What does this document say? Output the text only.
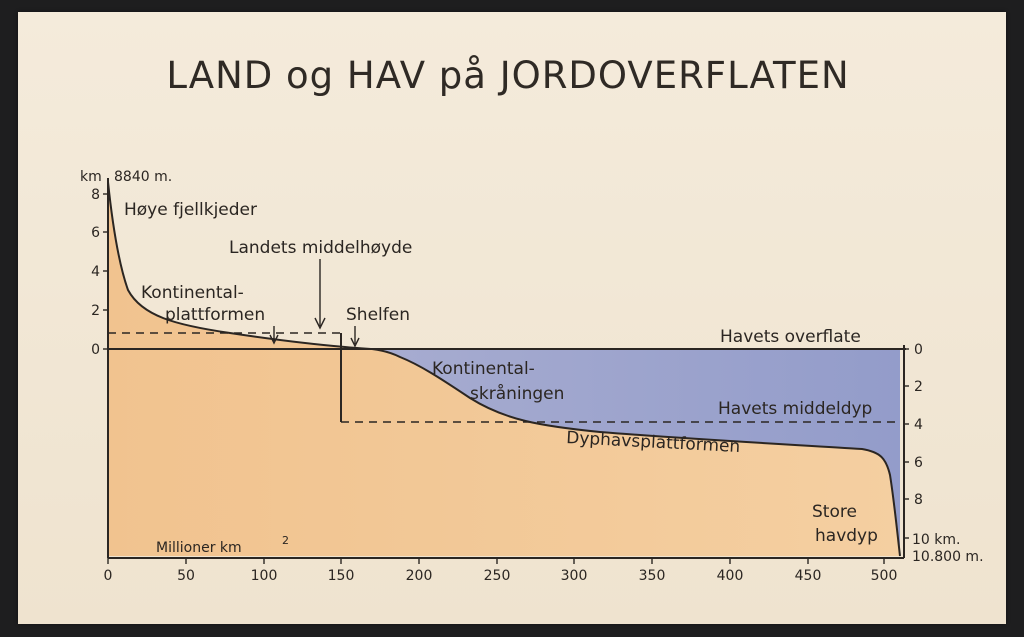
LAND og HAV på JORDOVERFLATEN
8
6
4
2
0
km 8840 m.
0
2
4
6
8
10 km.
10.800 m.
0	50	100	150	200	250	300	350	400	450	500
Millioner km	2
Høye fjellkjeder
Landets middelhøyde
Kontinental-
plattformen	Shelfen
Havets overflate
Kontinental-
skråningen
Havets middeldyp
Dyphavsplattformen
Store
havdyp
